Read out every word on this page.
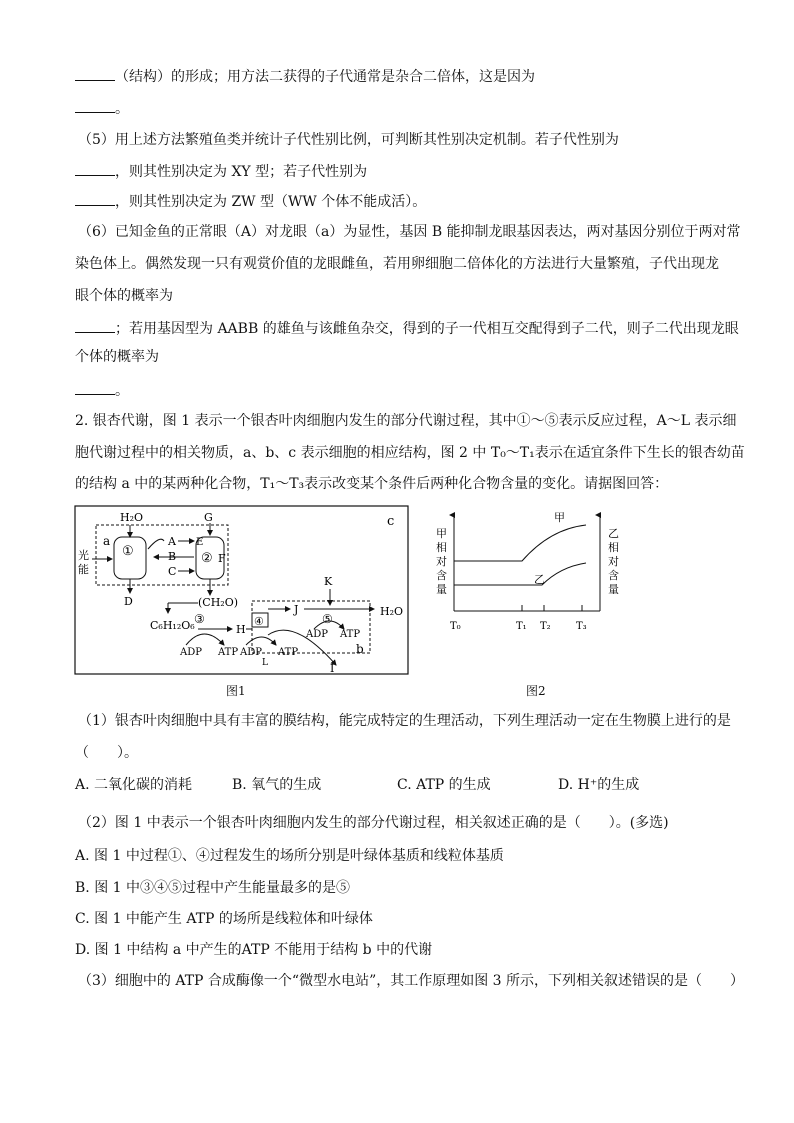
（结构）的形成；用方法二获得的子代通常是杂合二倍体，这是因为
。
（5）用上述方法繁殖鱼类并统计子代性别比例，可判断其性别决定机制。若子代性别为
，则其性别决定为 XY 型；若子代性别为
，则其性别决定为 ZW 型（WW 个体不能成活）。
（6）已知金鱼的正常眼（A）对龙眼（a）为显性，基因 B 能抑制龙眼基因表达，两对基因分别位于两对常
染色体上。偶然发现一只有观赏价值的龙眼雌鱼，若用卵细胞二倍体化的方法进行大量繁殖，子代出现龙
眼个体的概率为
；若用基因型为 AABB 的雄鱼与该雌鱼杂交，得到的子一代相互交配得到子二代，则子二代出现龙眼
个体的概率为
。
2. 银杏代谢，图 1 表示一个银杏叶肉细胞内发生的部分代谢过程，其中①～⑤表示反应过程，A～L 表示细
胞代谢过程中的相关物质，a、b、c 表示细胞的相应结构，图 2 中 T₀～T₁表示在适宜条件下生长的银杏幼苗
的结构 a 中的某两种化合物，T₁～T₃表示改变某个条件后两种化合物含量的变化。请据图回答：
c
①	②
a
H₂O
光
能
A
B
C
G
E
F
D	(CH₂O)
C₆H₁₂O₆ ③
ADP ATP
H
④
J	H₂O
K
⑤
ADP ATP
b
I
ADP ATP
L
图1
甲
相
对
含
量
乙
相
对
含
量
甲
乙
T₀	T₁ T₂	T₃
图2
（1）银杏叶肉细胞中具有丰富的膜结构，能完成特定的生理活动，下列生理活动一定在生物膜上进行的是
（　　）。
A. 二氧化碳的消耗	B. 氧气的生成	C. ATP 的生成	D. H⁺的生成
（2）图 1 中表示一个银杏叶肉细胞内发生的部分代谢过程，相关叙述正确的是（　　）。(多选)
A. 图 1 中过程①、④过程发生的场所分别是叶绿体基质和线粒体基质
B. 图 1 中③④⑤过程中产生能量最多的是⑤
C. 图 1 中能产生 ATP 的场所是线粒体和叶绿体
D. 图 1 中结构 a 中产生的ATP 不能用于结构 b 中的代谢
（3）细胞中的 ATP 合成酶像一个“微型水电站”，其工作原理如图 3 所示，下列相关叙述错误的是（　　）
